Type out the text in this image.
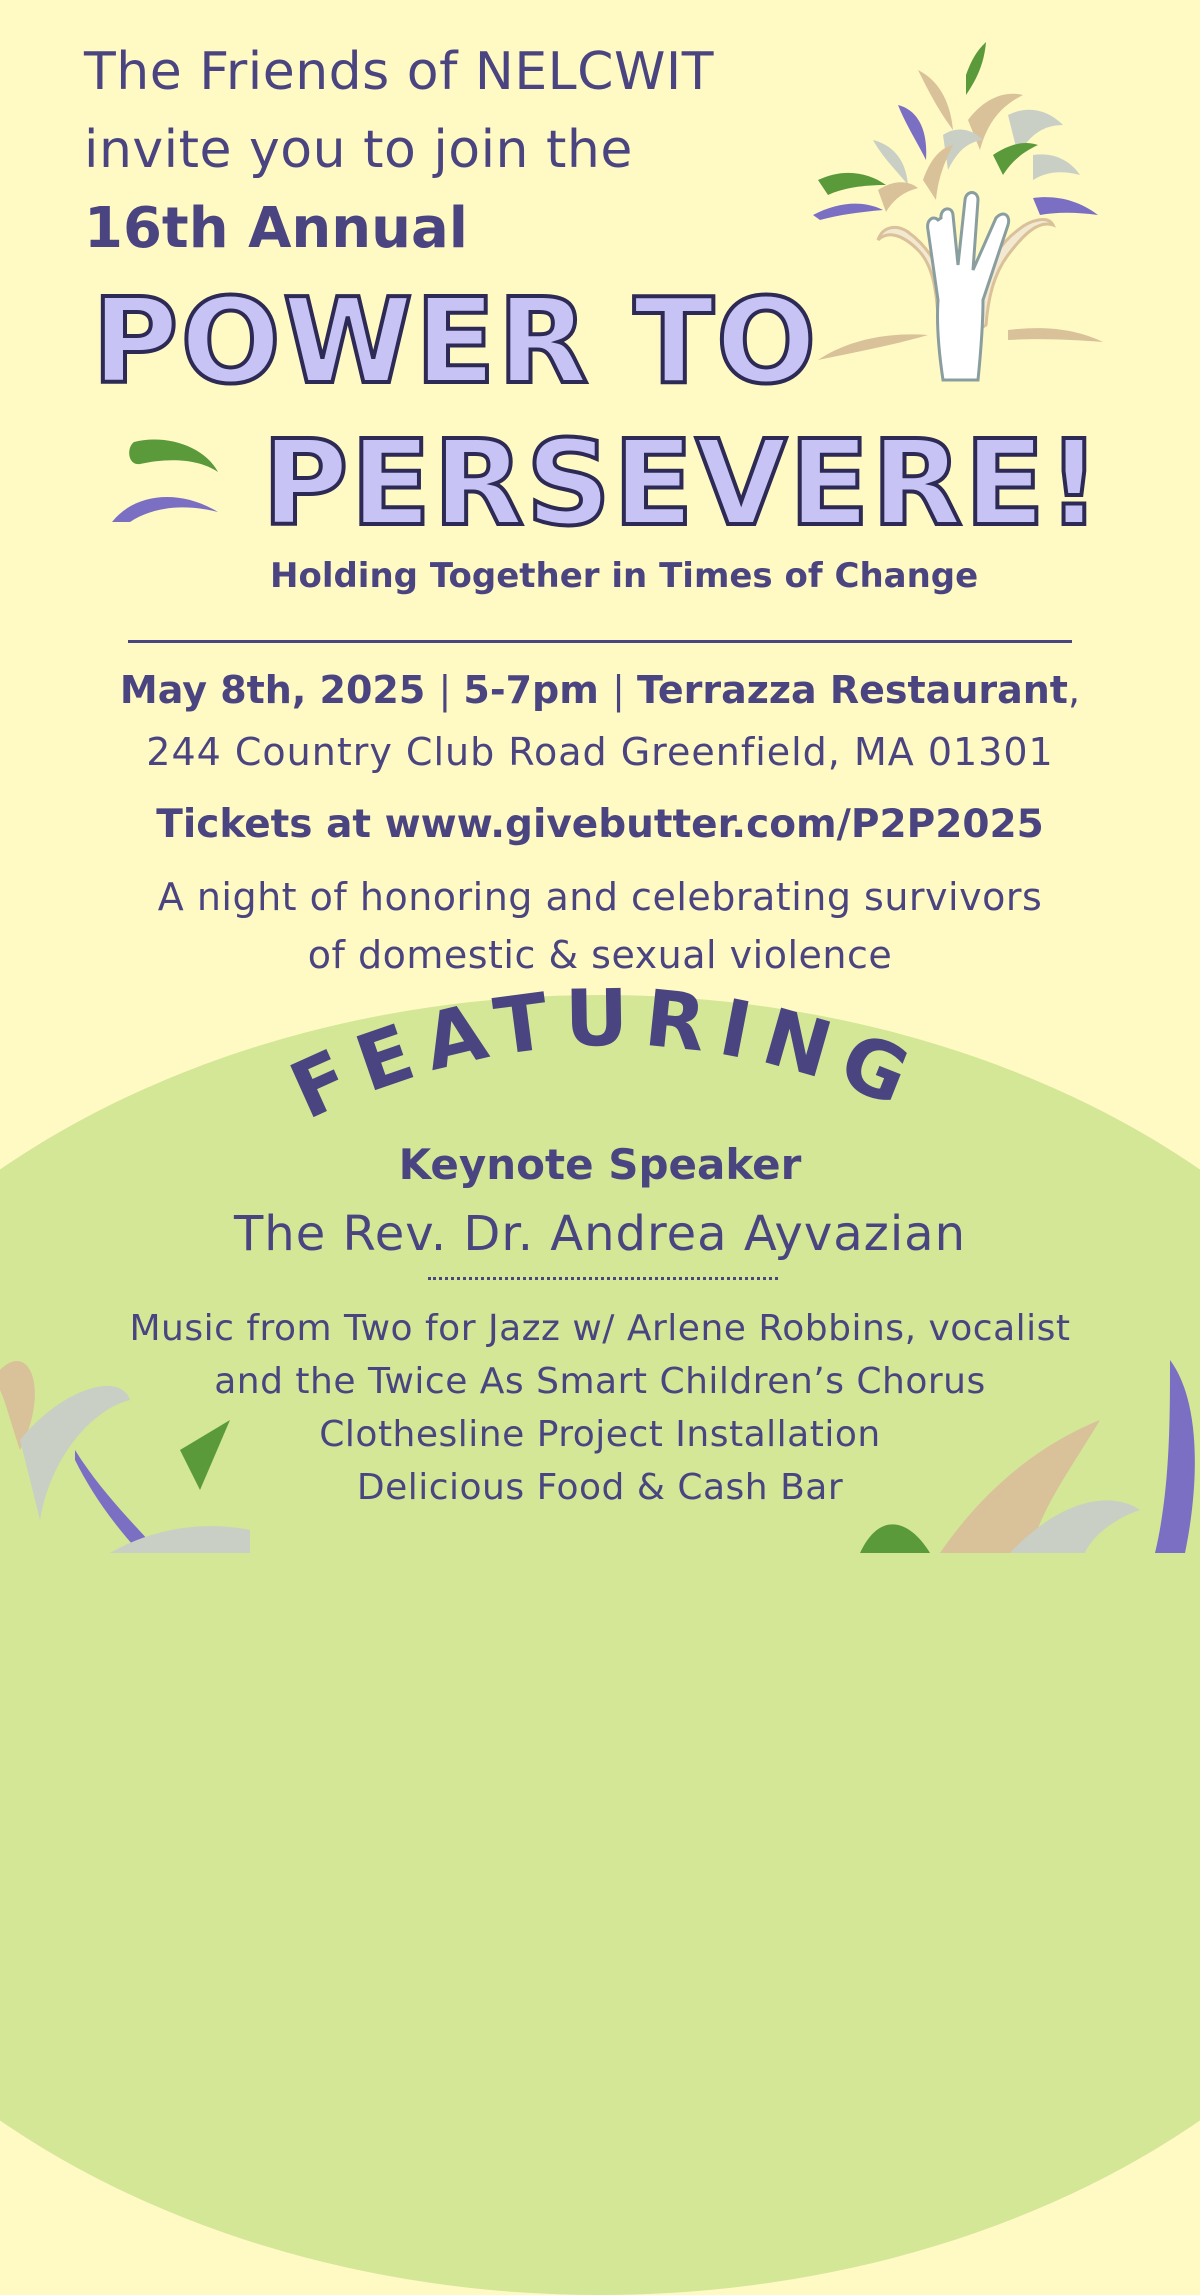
The Friends of NELCWIT
invite you to join the
16th Annual
POWER TO
PERSEVERE!
Holding Together in Times of Change
May 8th, 2025 | 5-7pm | Terrazza Restaurant,
244 Country Club Road Greenfield, MA 01301
Tickets at www.givebutter.com/P2P2025
A night of honoring and celebrating survivors
of domestic & sexual violence
FEATURING
Keynote Speaker
The Rev. Dr. Andrea Ayvazian
Music from Two for Jazz w/ Arlene Robbins, vocalist
and the Twice As Smart Children’s Chorus
Clothesline Project Installation
Delicious Food & Cash Bar
